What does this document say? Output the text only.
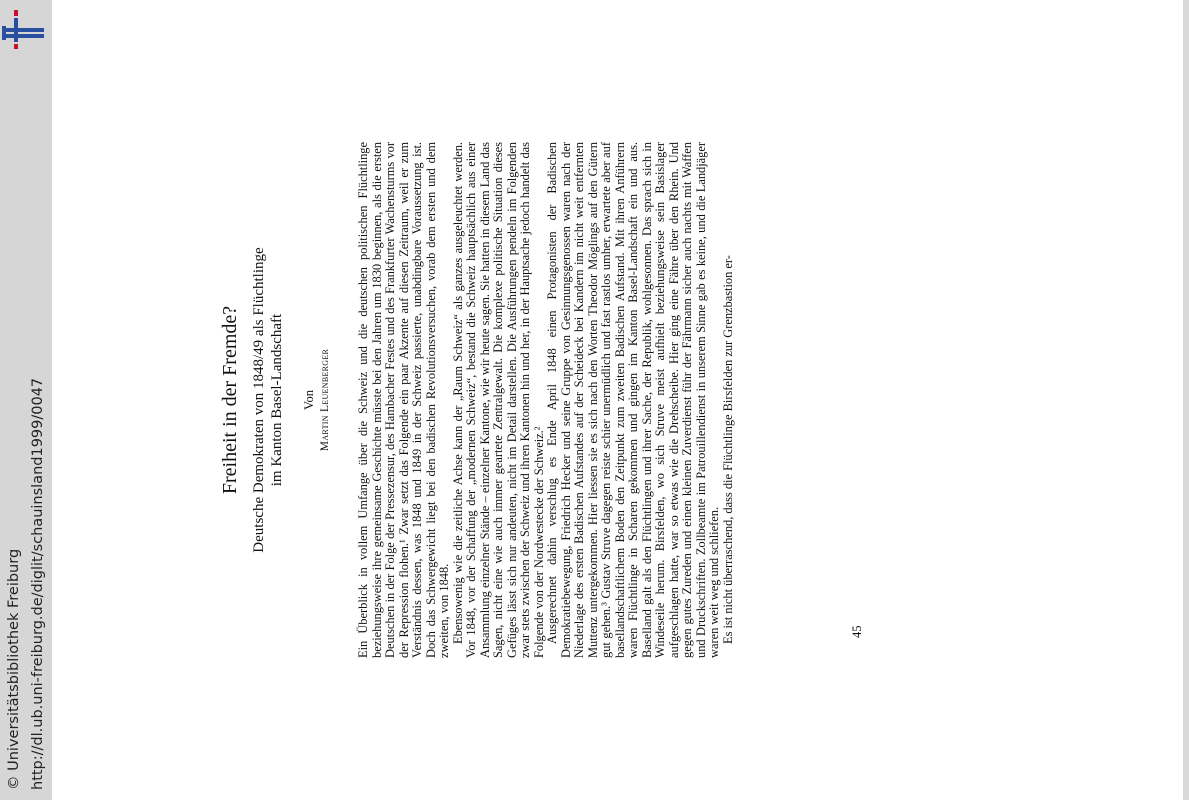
http://dl.ub.uni-freiburg.de/diglit/schauinsland1999/0047
© Universitätsbibliothek Freiburg
Freiheit in der Fremde? Deutsche Demokraten von 1848/49 als Flüchtlinge im Kanton Basel-Landschaft Von Martin Leuenberger Ein Überblick in vollem Umfange über die Schweiz und die deutschen politischen Flüchtlinge beziehungsweise ihre gemeinsame Geschichte müsste bei den Jahren um 1830 beginnen, als die ersten Deutschen in der Folge der Pressezensur, des Hambacher Festes und des Frankfurter Wachensturms vor der Repression flohen.¹ Zwar setzt das Folgende ein paar Akzente auf diesen Zeitraum, weil er zum Verständnis dessen, was 1848 und 1849 in der Schweiz passierte, unabdingbare Voraussetzung ist. Doch das Schwergewicht liegt bei den badischen Revolutionsversuchen, vorab dem ersten und dem zweiten, von 1848. Ebensowenig wie die zeitliche Achse kann der „Raum Schweiz“ als ganzes ausgeleuchtet werden. Vor 1848, vor der Schaffung der „modernen Schweiz“, bestand die Schweiz hauptsächlich aus einer Ansammlung einzelner Stände – einzelner Kantone, wie wir heute sagen. Sie hatten in diesem Land das Sagen, nicht eine wie auch immer geartete Zentralgewalt. Die komplexe politische Situation dieses Gefüges lässt sich nur andeuten, nicht im Detail darstellen. Die Ausführungen pendeln im Folgenden zwar stets zwischen der Schweiz und ihren Kantonen hin und her, in der Hauptsache jedoch handelt das Folgende von der Nordwestecke der Schweiz.² Ausgerechnet dahin verschlug es Ende April 1848 einen Protagonisten der Badischen Demokratiebewegung, Friedrich Hecker und seine Gruppe von Gesinnungsgenossen waren nach der Niederlage des ersten Badischen Aufstandes auf der Scheideck bei Kandern im nicht weit entfernten Muttenz untergekommen. Hier liessen sie es sich nach den Worten Theodor Möglings auf den Gütern gut gehen.³ Gustav Struve dagegen reiste schier unermüdlich und fast rastlos umher, erwartete aber auf basellandschaftlichem Boden den Zeitpunkt zum zweiten Badischen Aufstand. Mit ihren Anführern waren Flüchtlinge in Scharen gekommen und gingen im Kanton Basel-Landschaft ein und aus. Baselland galt als den Flüchtlingen und ihrer Sache, der Republik, wohlgesonnen. Das sprach sich in Windeseile herum. Birsfelden, wo sich Struve meist aufhielt beziehungsweise sein Basislager aufgeschlagen hatte, war so etwas wie die Drehscheibe. Hier ging eine Fähre über den Rhein. Und gegen gutes Zureden und einen kleinen Zuverdienst führ der Fährmann sicher auch nachts mit Waffen und Druckschriften. Zollbeamte im Patrouillendienst in unserem Sinne gab es keine, und die Landjäger waren weit weg und schliefen. Es ist nicht überraschend, dass die Flüchtlinge Birsfelden zur Grenzbastion er-	45
